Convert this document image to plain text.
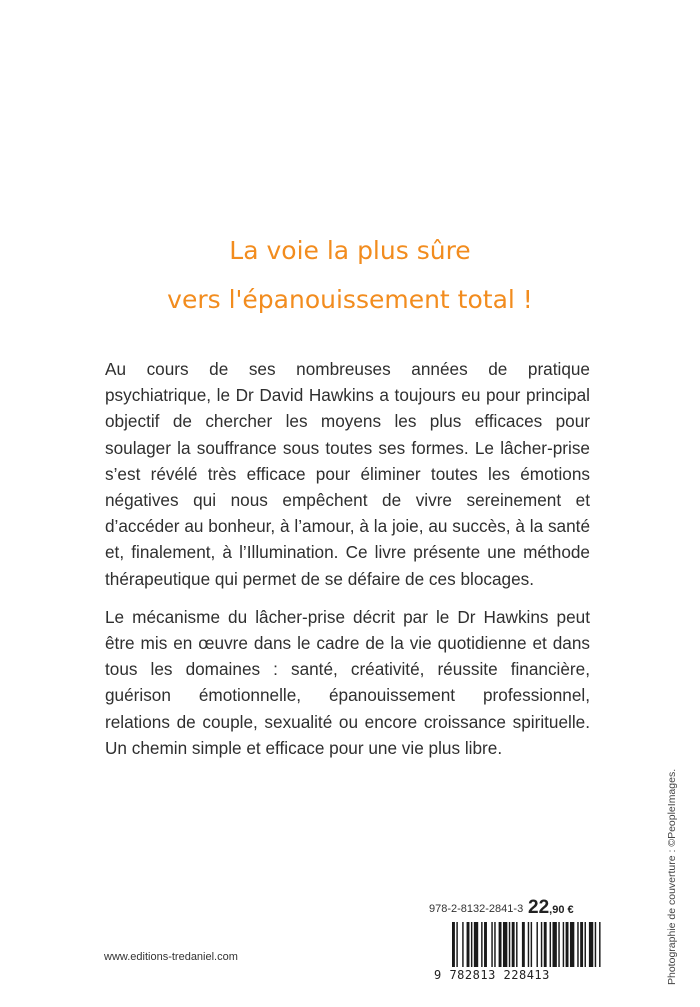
La voie la plus sûre
vers l'épanouissement total !

Au cours de ses nombreuses années de pratique psychiatrique, le Dr David Hawkins a toujours eu pour principal objectif de chercher les moyens les plus efficaces pour soulager la souffrance sous toutes ses formes. Le lâcher-prise s’est révélé très efficace pour éliminer toutes les émotions négatives qui nous empêchent de vivre sereinement et d’accéder au bonheur, à l’amour, à la joie, au succès, à la santé et, finalement, à l’Illumination. Ce livre présente une méthode thérapeutique qui permet de se défaire de ces blocages.

Le mécanisme du lâcher-prise décrit par le Dr Hawkins peut être mis en œuvre dans le cadre de la vie quotidienne et dans tous les domaines : santé, créativité, réussite financière, guérison émotionnelle, épanouissement professionnel, relations de couple, sexualité ou encore croissance spirituelle. Un chemin simple et efficace pour une vie plus libre.

Photographie de couverture : ©PeopleImages.
www.editions-tredaniel.com
978-2-8132-2841-3 22,90 €
9 782813 228413
